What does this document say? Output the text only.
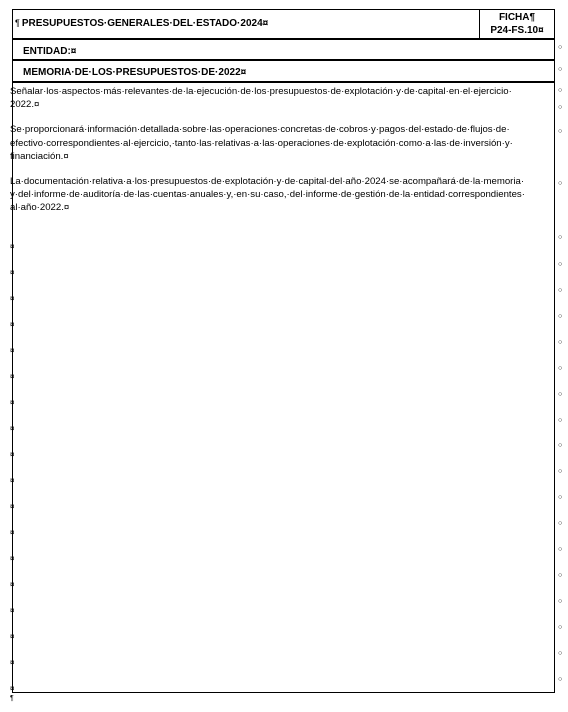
¶ PRESUPUESTOS·GENERALES·DEL·ESTADO·2024¤
FICHA¶
P24-FS.10¤
ENTIDAD:¤
MEMORIA·DE·LOS·PRESUPUESTOS·DE·2022¤

Señalar·los·aspectos·más·relevantes·de·la·ejecución·de·los·presupuestos·de·explotación·y·de·capital·en·el·ejercicio· 2022.¤

Se·proporcionará·información·detallada·sobre·las·operaciones·concretas·de·cobros·y·pagos·del·estado·de·flujos·de· efectivo·correspondientes·al·ejercicio,·tanto·las·relativas·a·las·operaciones·de·explotación·como·a·las·de·inversión·y· financiación.¤

La·documentación·relativa·a·los·presupuestos·de·explotación·y·de·capital·del·año·2024·se·acompañará·de·la·memoria· y·del·informe·de·auditoría·de·las·cuentas·anuales·y,·en·su·caso,·del·informe·de·gestión·de·la·entidad·correspondientes· al·año·2022.¤

¤
¤
¤
¤
¤
¤
¤
¤
¤
¤
¤
¤
¤
¤
¤
¤
¤
¤
○
○
○
○
○
○
○
○
○
○
○
○
○
○
○
○
○
○
○
○
○
○
○
○
¶
